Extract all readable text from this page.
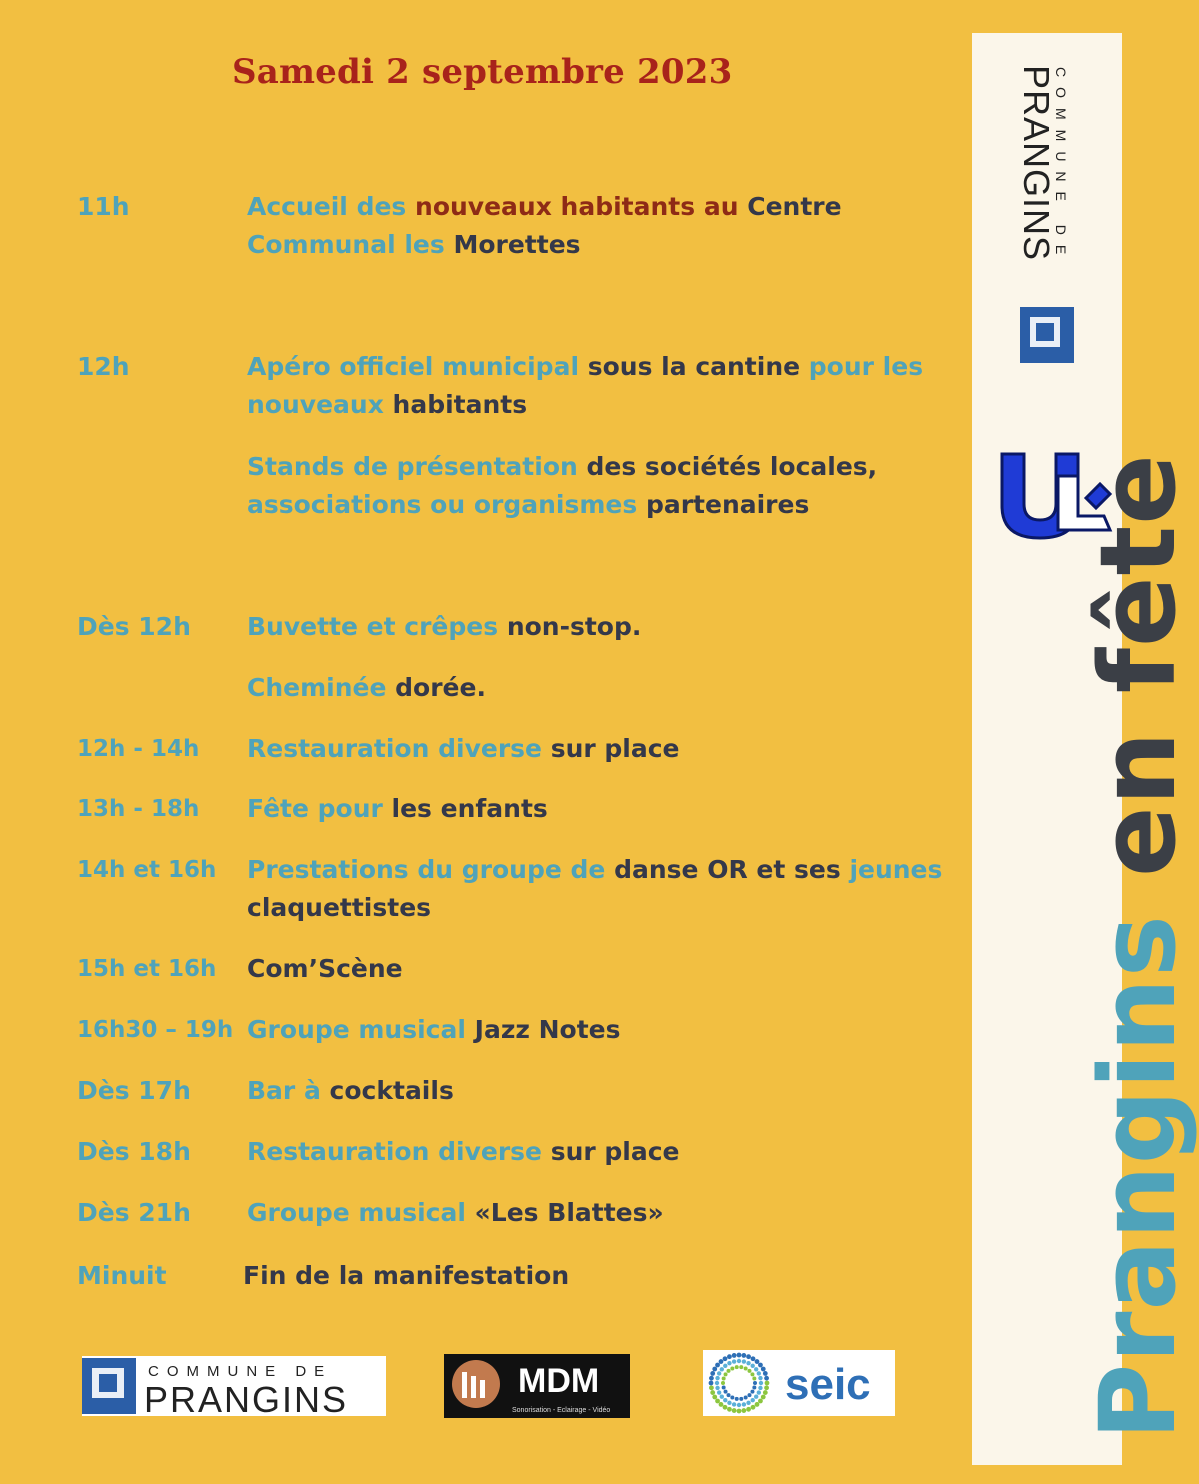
Samedi 2 septembre 2023
11h	Accueil des nouveaux habitants au Centre Communal les Morettes
12h	Apéro officiel municipal sous la cantine pour les nouveaux habitants
Stands de présentation des sociétés locales, associations ou organismes partenaires
Dès 12h Buvette et crêpes non-stop.
Cheminée dorée.
12h - 14h Restauration diverse sur place
13h - 18h Fête pour les enfants
14h et 16h Prestations du groupe de danse OR et ses jeunes claquettistes
15h et 16h Com’Scène
16h30 – 19h Groupe musical Jazz Notes
Dès 17h Bar à cocktails
Dès 18h Restauration diverse sur place
Dès 21h Groupe musical «Les Blattes»
Minuit	Fin de la manifestation
COMMUNE DE
PRANGINS
Prangins en fête
COMMUNE DE
PRANGINS	MDM
Sonorisation - Eclairage - Vidéo
seic
